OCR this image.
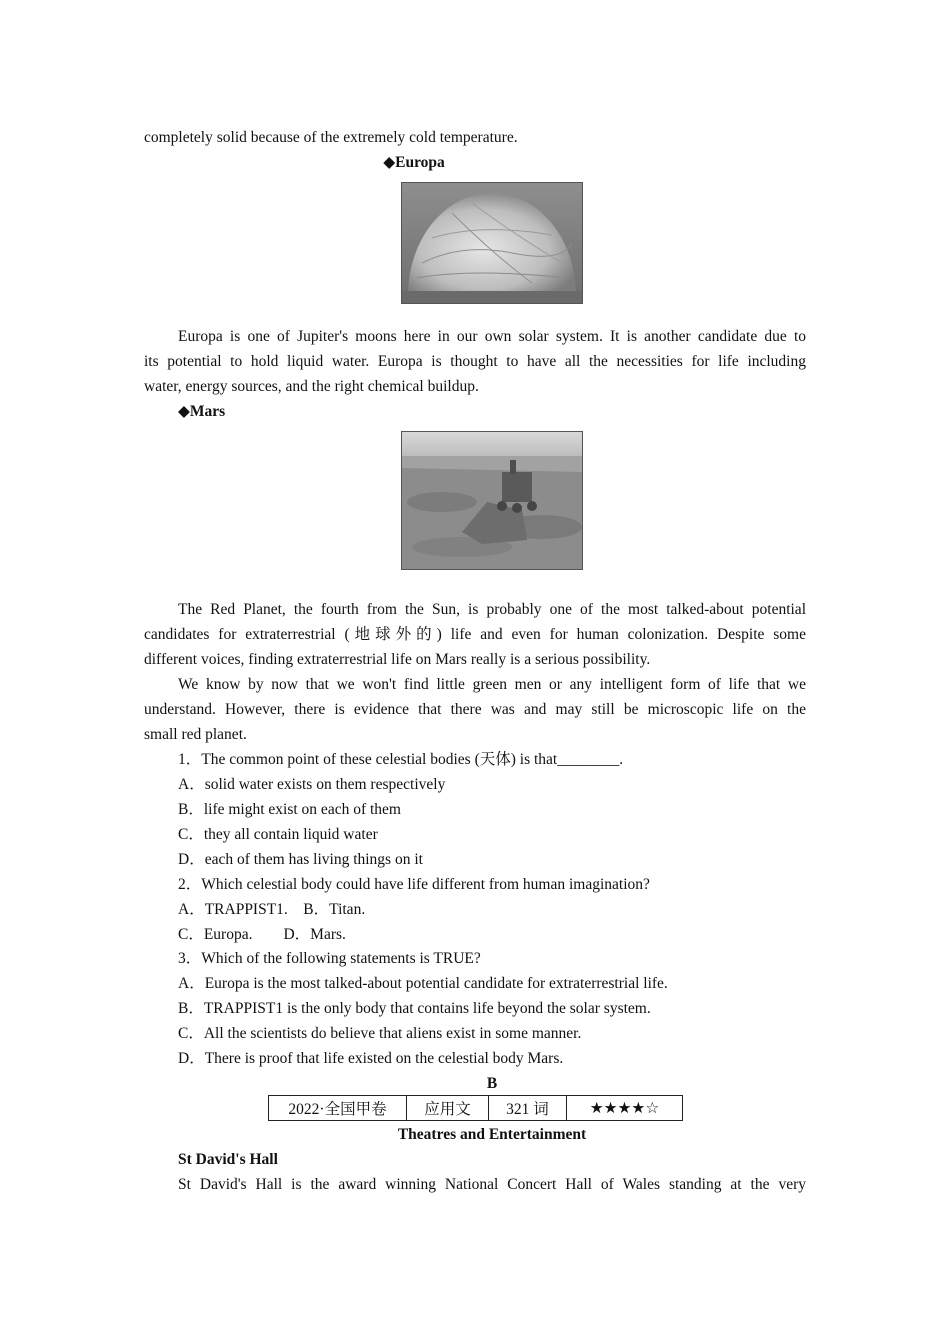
completely solid because of the extremely cold temperature.
◆Europa
Europa is one of Jupiter's moons here in our own solar system. It is another candidate due to
its potential to hold liquid water. Europa is thought to have all the necessities for life including
water, energy sources, and the right chemical buildup.
◆Mars
The Red Planet, the fourth from the Sun, is probably one of the most talked‑about potential
candidates for extraterrestrial (地球外的) life and even for human colonization. Despite some
different voices, finding extraterrestrial life on Mars really is a serious possibility.
We know by now that we won't find little green men or any intelligent form of life that we
understand. However, there is evidence that there was and may still be microscopic life on the
small red planet.
1．The common point of these celestial bodies (天体) is that________.
A．solid water exists on them respectively
B．life might exist on each of them
C．they all contain liquid water
D．each of them has living things on it
2．Which celestial body could have life different from human imagination?
A．TRAPPIST1.　B．Titan.
C．Europa.　　D．Mars.
3．Which of the following statements is TRUE?
A．Europa is the most talked‑about potential candidate for extraterrestrial life.
B．TRAPPIST1 is the only body that contains life beyond the solar system.
C．All the scientists do believe that aliens exist in some manner.
D．There is proof that life existed on the celestial body Mars.
B
2022·全国甲卷	应用文	321 词	★★★★☆
Theatres and Entertainment
St David's Hall
St David's Hall is the award winning National Concert Hall of Wales standing at the very
